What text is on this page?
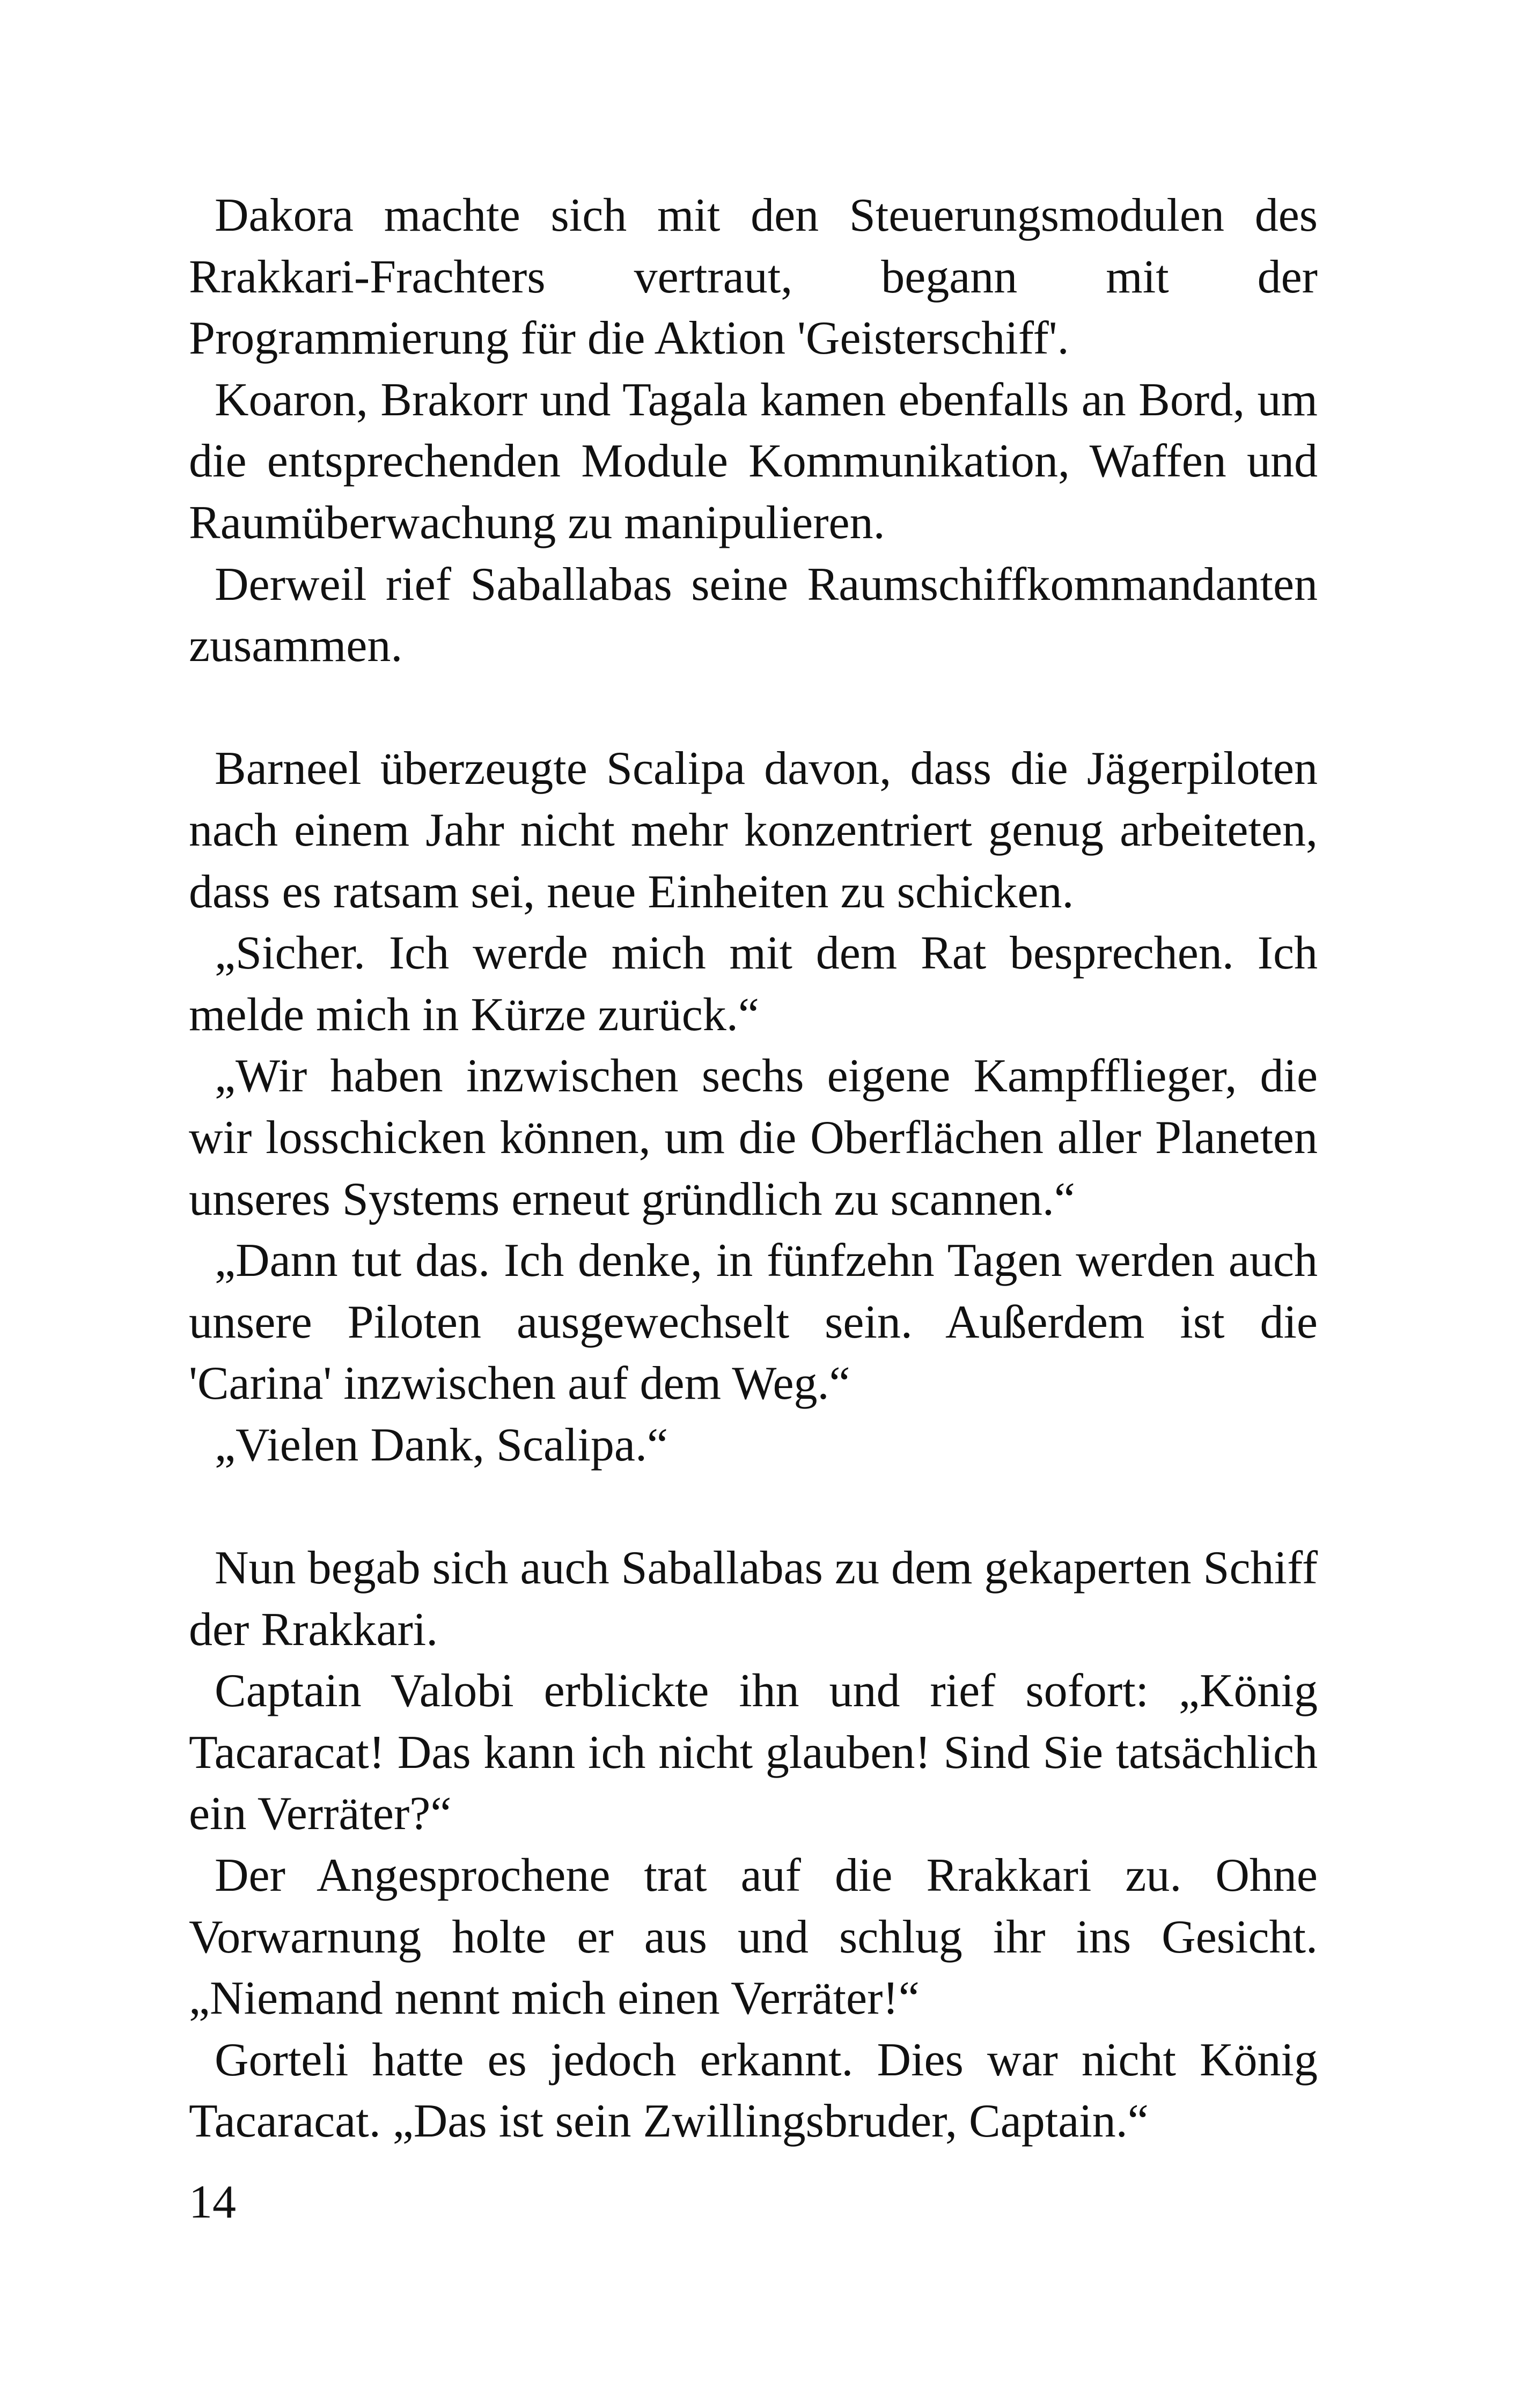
Dakora machte sich mit den Steuerungsmodulen des Rrakkari-Frachters vertraut, begann mit der Programmierung für die Aktion 'Geisterschiff'.

Koaron, Brakorr und Tagala kamen ebenfalls an Bord, um die entsprechenden Module Kommunikation, Waffen und Raumüberwachung zu manipulieren.

Derweil rief Saballabas seine Raumschiffkommandanten zusammen.

Barneel überzeugte Scalipa davon, dass die Jägerpiloten nach einem Jahr nicht mehr konzentriert genug arbeiteten, dass es ratsam sei, neue Einheiten zu schicken.

„Sicher. Ich werde mich mit dem Rat besprechen. Ich melde mich in Kürze zurück.“

„Wir haben inzwischen sechs eigene Kampfflieger, die wir losschicken können, um die Oberflächen aller Planeten unseres Systems erneut gründlich zu scannen.“

„Dann tut das. Ich denke, in fünfzehn Tagen werden auch unsere Piloten ausgewechselt sein. Außerdem ist die 'Carina' inzwischen auf dem Weg.“

„Vielen Dank, Scalipa.“

Nun begab sich auch Saballabas zu dem gekaperten Schiff der Rrakkari.

Captain Valobi erblickte ihn und rief sofort: „König Tacaracat! Das kann ich nicht glauben! Sind Sie tatsächlich ein Verräter?“

Der Angesprochene trat auf die Rrakkari zu. Ohne Vorwarnung holte er aus und schlug ihr ins Gesicht. „Niemand nennt mich einen Verräter!“

Gorteli hatte es jedoch erkannt. Dies war nicht König Tacaracat. „Das ist sein Zwillingsbruder, Captain.“

14
